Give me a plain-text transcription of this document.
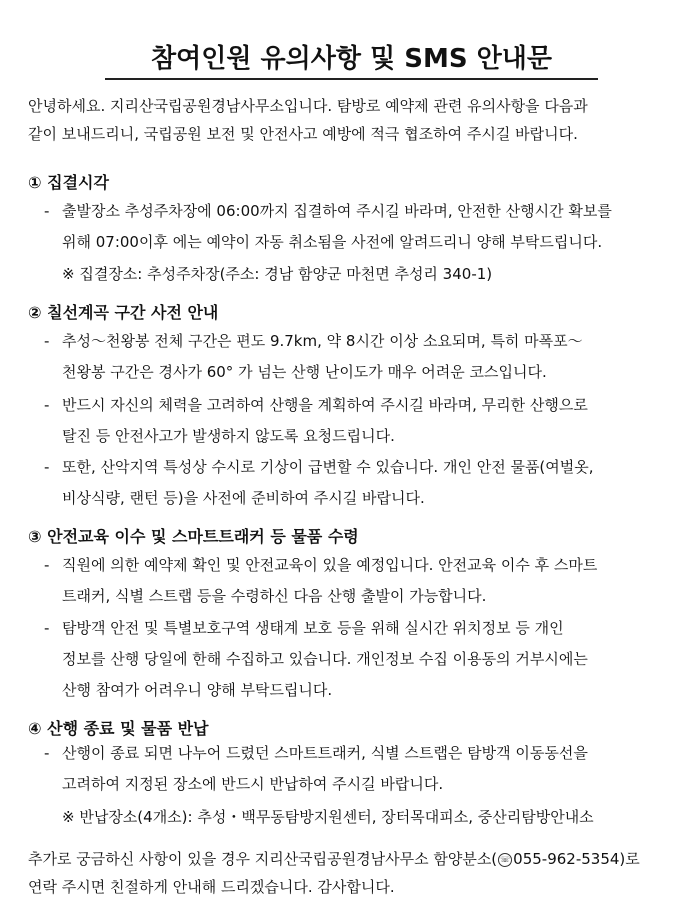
참여인원 유의사항 및 SMS 안내문
안녕하세요. 지리산국립공원경남사무소입니다. 탐방로 예약제 관련 유의사항을 다음과
같이 보내드리니, 국립공원 보전 및 안전사고 예방에 적극 협조하여 주시길 바랍니다.
① 집결시각
- 출발장소 추성주차장에 06:00까지 집결하여 주시길 바라며, 안전한 산행시간 확보를
위해 07:00이후 에는 예약이 자동 취소됨을 사전에 알려드리니 양해 부탁드립니다.
※ 집결장소: 추성주차장(주소: 경남 함양군 마천면 추성리 340-1)
② 칠선계곡 구간 사전 안내
- 추성～천왕봉 전체 구간은 편도 9.7km, 약 8시간 이상 소요되며, 특히 마폭포～
천왕봉 구간은 경사가 60° 가 넘는 산행 난이도가 매우 어려운 코스입니다.
- 반드시 자신의 체력을 고려하여 산행을 계획하여 주시길 바라며, 무리한 산행으로
탈진 등 안전사고가 발생하지 않도록 요청드립니다.
- 또한, 산악지역 특성상 수시로 기상이 급변할 수 있습니다. 개인 안전 물품(여벌옷,
비상식량, 랜턴 등)을 사전에 준비하여 주시길 바랍니다.
③ 안전교육 이수 및 스마트트래커 등 물품 수령
- 직원에 의한 예약제 확인 및 안전교육이 있을 예정입니다. 안전교육 이수 후 스마트
트래커, 식별 스트랩 등을 수령하신 다음 산행 출발이 가능합니다.
- 탐방객 안전 및 특별보호구역 생태계 보호 등을 위해 실시간 위치정보 등 개인
정보를 산행 당일에 한해 수집하고 있습니다. 개인정보 수집 이용동의 거부시에는
산행 참여가 어려우니 양해 부탁드립니다.
④ 산행 종료 및 물품 반납
- 산행이 종료 되면 나누어 드렸던 스마트트래커, 식별 스트랩은 탐방객 이동동선을
고려하여 지정된 장소에 반드시 반납하여 주시길 바랍니다.
※ 반납장소(4개소): 추성・백무동탐방지원센터, 장터목대피소, 중산리탐방안내소
추가로 궁금하신 사항이 있을 경우 지리산국립공원경남사무소 함양분소( ☏ 055-962-5354)로
연락 주시면 친절하게 안내해 드리겠습니다. 감사합니다.
